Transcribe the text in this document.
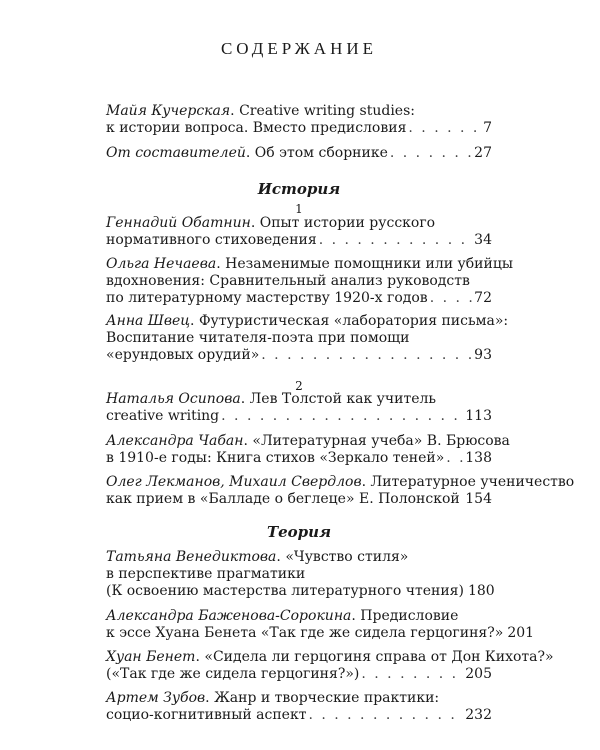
СОДЕРЖАНИЕ
История
1
2
Теория
Майя Кучерская. Creative writing studies:
к истории вопроса. Вместо предисловия . . .	7
От составителей. Об этом сборнике . . .	27
Геннадий Обатнин. Опыт истории русского
нормативного стиховедения . . .	34
Ольга Нечаева. Незаменимые помощники или убийцы
вдохновения: Сравнительный анализ руководств
по литературному мастерству 1920-х годов . . .	72
Анна Швец. Футуристическая «лаборатория письма»:
Воспитание читателя-поэта при помощи
«ерундовых орудий» . . .	93
Наталья Осипова. Лев Толстой как учитель
creative writing . . .	113
Александра Чабан. «Литературная учеба» В. Брюсова
в 1910-е годы: Книга стихов «Зеркало теней» . . . 138
Олег Лекманов, Михаил Свердлов. Литературное ученичество
как прием в «Балладе о беглеце» Е. Полонской . . . 154
Татьяна Венедиктова. «Чувство стиля»
в перспективе прагматики
(К освоению мастерства литературного чтения) 180
Александра Баженова-Сорокина. Предисловие
к эссе Хуана Бенета «Так где же сидела герцогиня?» 201
Хуан Бенет. «Сидела ли герцогиня справа от Дон Кихота?»
(«Так где же сидела герцогиня?») . . .	205
Артем Зубов. Жанр и творческие практики:
социо-когнитивный аспект . . .	232
